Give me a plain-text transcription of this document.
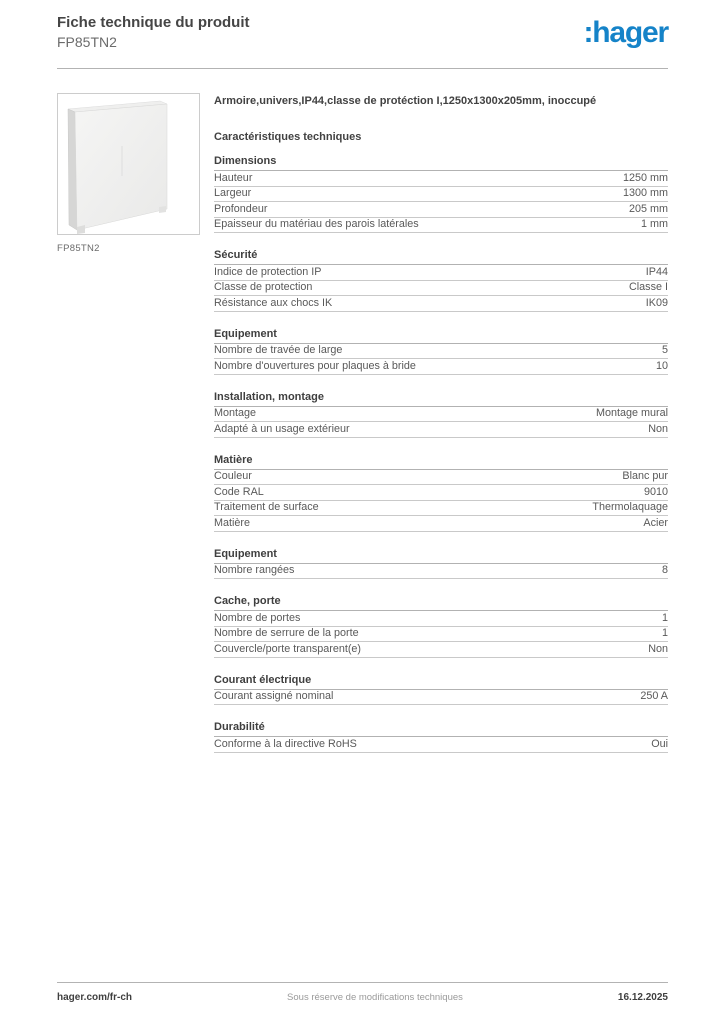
Fiche technique du produit
FP85TN2	:hager
FP85TN2
Armoire,univers,IP44,classe de protéction I,1250x1300x205mm, inoccupé
Caractéristiques techniques
Dimensions
Hauteur	1250 mm
Largeur	1300 mm
Profondeur	205 mm
Epaisseur du matériau des parois latérales	1 mm
Sécurité
Indice de protection IP	IP44
Classe de protection	Classe I
Résistance aux chocs IK	IK09
Equipement
Nombre de travée de large	5
Nombre d'ouvertures pour plaques à bride	10
Installation, montage
Montage	Montage mural
Adapté à un usage extérieur	Non
Matière
Couleur	Blanc pur
Code RAL	9010
Traitement de surface	Thermolaquage
Matière	Acier
Equipement
Nombre rangées	8
Cache, porte
Nombre de portes	1
Nombre de serrure de la porte	1
Couvercle/porte transparent(e)	Non
Courant électrique
Courant assigné nominal	250 A
Durabilité
Conforme à la directive RoHS	Oui
hager.com/fr-ch	Sous réserve de modifications techniques	16.12.2025
